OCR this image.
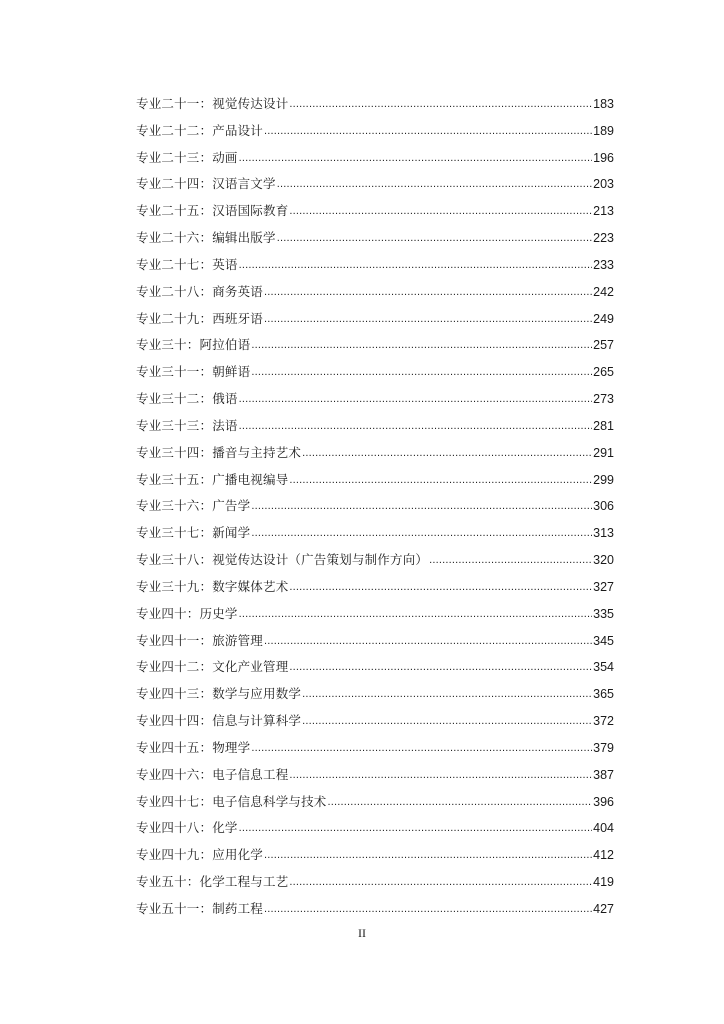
专业二十一：视觉传达设计 .....	183
专业二十二：产品设计 .....	189
专业二十三：动画 .....	196
专业二十四：汉语言文学 .....	203
专业二十五：汉语国际教育 .....	213
专业二十六：编辑出版学 .....	223
专业二十七：英语 .....	233
专业二十八：商务英语 .....	242
专业二十九：西班牙语 .....	249
专业三十：阿拉伯语 .....	257
专业三十一：朝鲜语 .....	265
专业三十二：俄语 .....	273
专业三十三：法语 .....	281
专业三十四：播音与主持艺术 .....	291
专业三十五：广播电视编导 .....	299
专业三十六：广告学 .....	306
专业三十七：新闻学 .....	313
专业三十八：视觉传达设计（广告策划与制作方向） .....	320
专业三十九：数字媒体艺术 .....	327
专业四十：历史学 .....	335
专业四十一：旅游管理 .....	345
专业四十二：文化产业管理 .....	354
专业四十三：数学与应用数学 .....	365
专业四十四：信息与计算科学 .....	372
专业四十五：物理学 .....	379
专业四十六：电子信息工程 .....	387
专业四十七：电子信息科学与技术 .....	396
专业四十八：化学 .....	404
专业四十九：应用化学 .....	412
专业五十：化学工程与工艺 .....	419
专业五十一：制药工程 .....	427
II
